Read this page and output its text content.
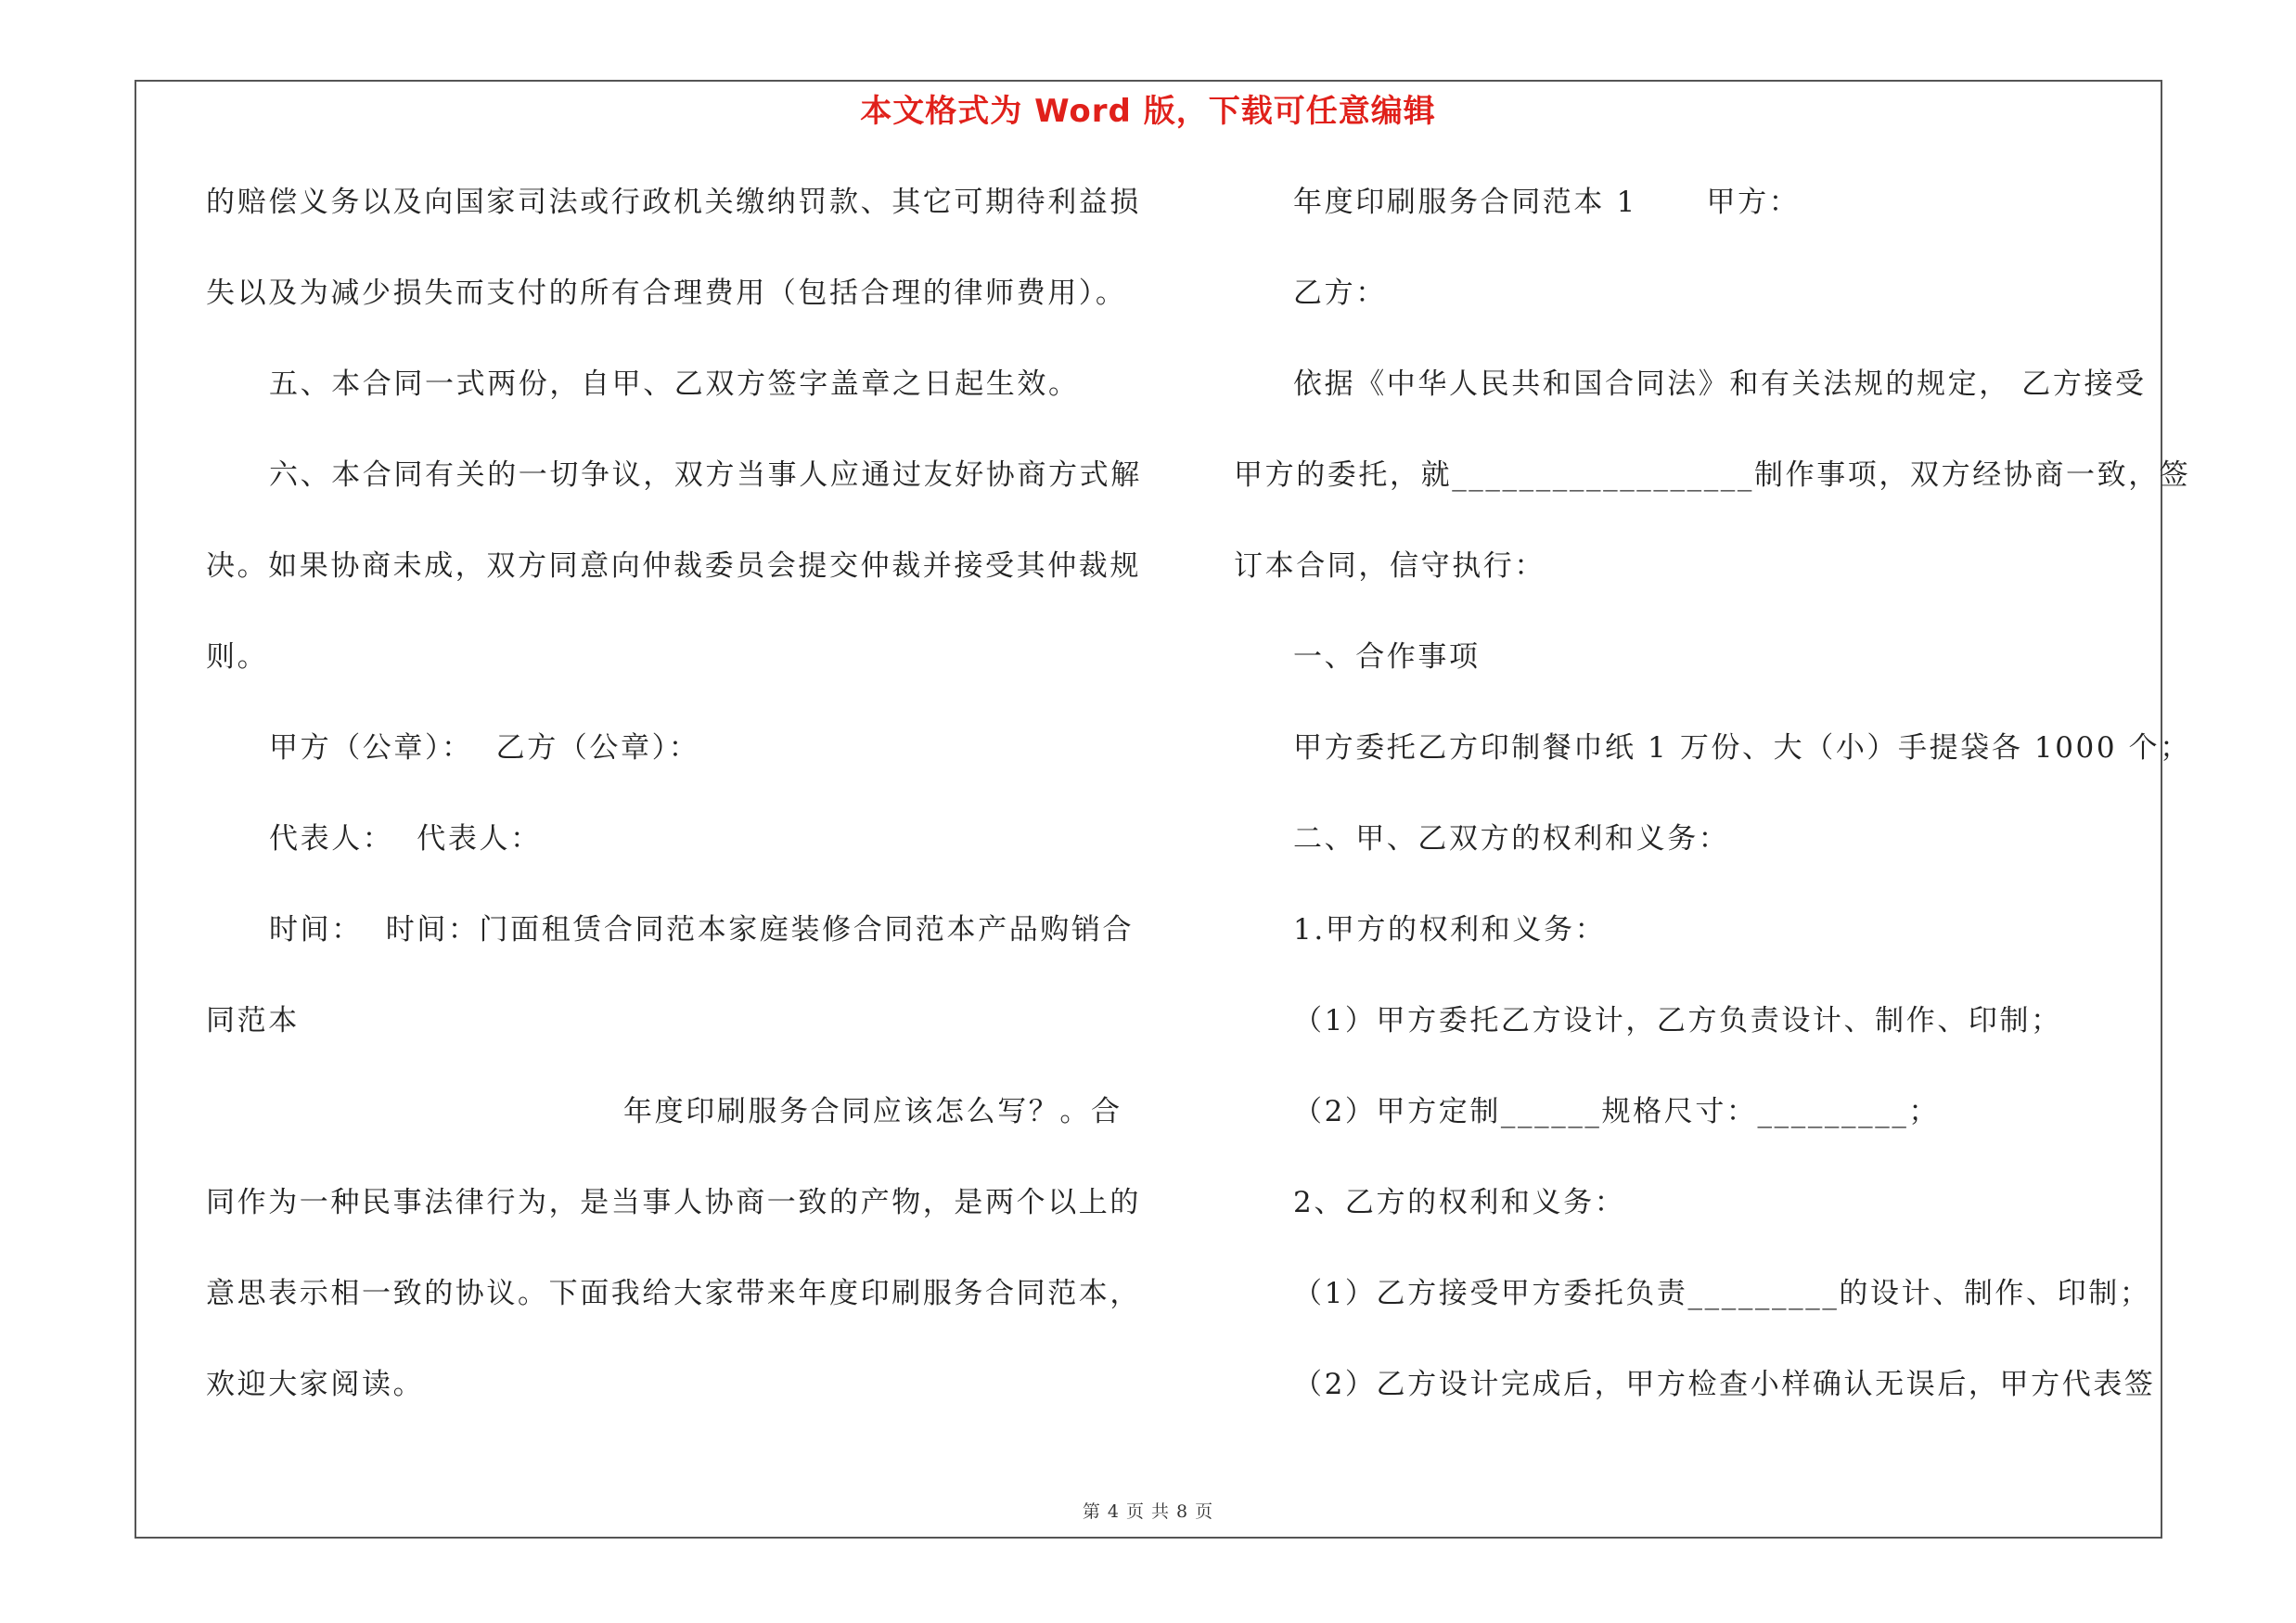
本文格式为 Word 版，下载可任意编辑
的赔偿义务以及向国家司法或行政机关缴纳罚款、其它可期待利益损
失以及为减少损失而支付的所有合理费用（包括合理的律师费用）。
五、本合同一式两份，自甲、乙双方签字盖章之日起生效。
六、本合同有关的一切争议，双方当事人应通过友好协商方式解
决。如果协商未成，双方同意向仲裁委员会提交仲裁并接受其仲裁规
则。
甲方（公章）：  乙方（公章）：
代表人：  代表人：
时间：  时间：门面租赁合同范本家庭装修合同范本产品购销合
同范本
年度印刷服务合同应该怎么写？。合
同作为一种民事法律行为，是当事人协商一致的产物，是两个以上的
意思表示相一致的协议。下面我给大家带来年度印刷服务合同范本，
欢迎大家阅读。
年度印刷服务合同范本 1      甲方：
乙方：
依据《中华人民共和国合同法》和有关法规的规定， 乙方接受
甲方的委托，就__________________制作事项，双方经协商一致，签
订本合同，信守执行：
一、合作事项
甲方委托乙方印制餐巾纸 1 万份、大（小）手提袋各 1000 个；
二、甲、乙双方的权利和义务：
1.甲方的权利和义务：
（1）甲方委托乙方设计，乙方负责设计、制作、印制；
（2）甲方定制______规格尺寸：_________；
2、乙方的权利和义务：
（1）乙方接受甲方委托负责_________的设计、制作、印制；
（2）乙方设计完成后，甲方检查小样确认无误后，甲方代表签
第 4 页 共 8 页
